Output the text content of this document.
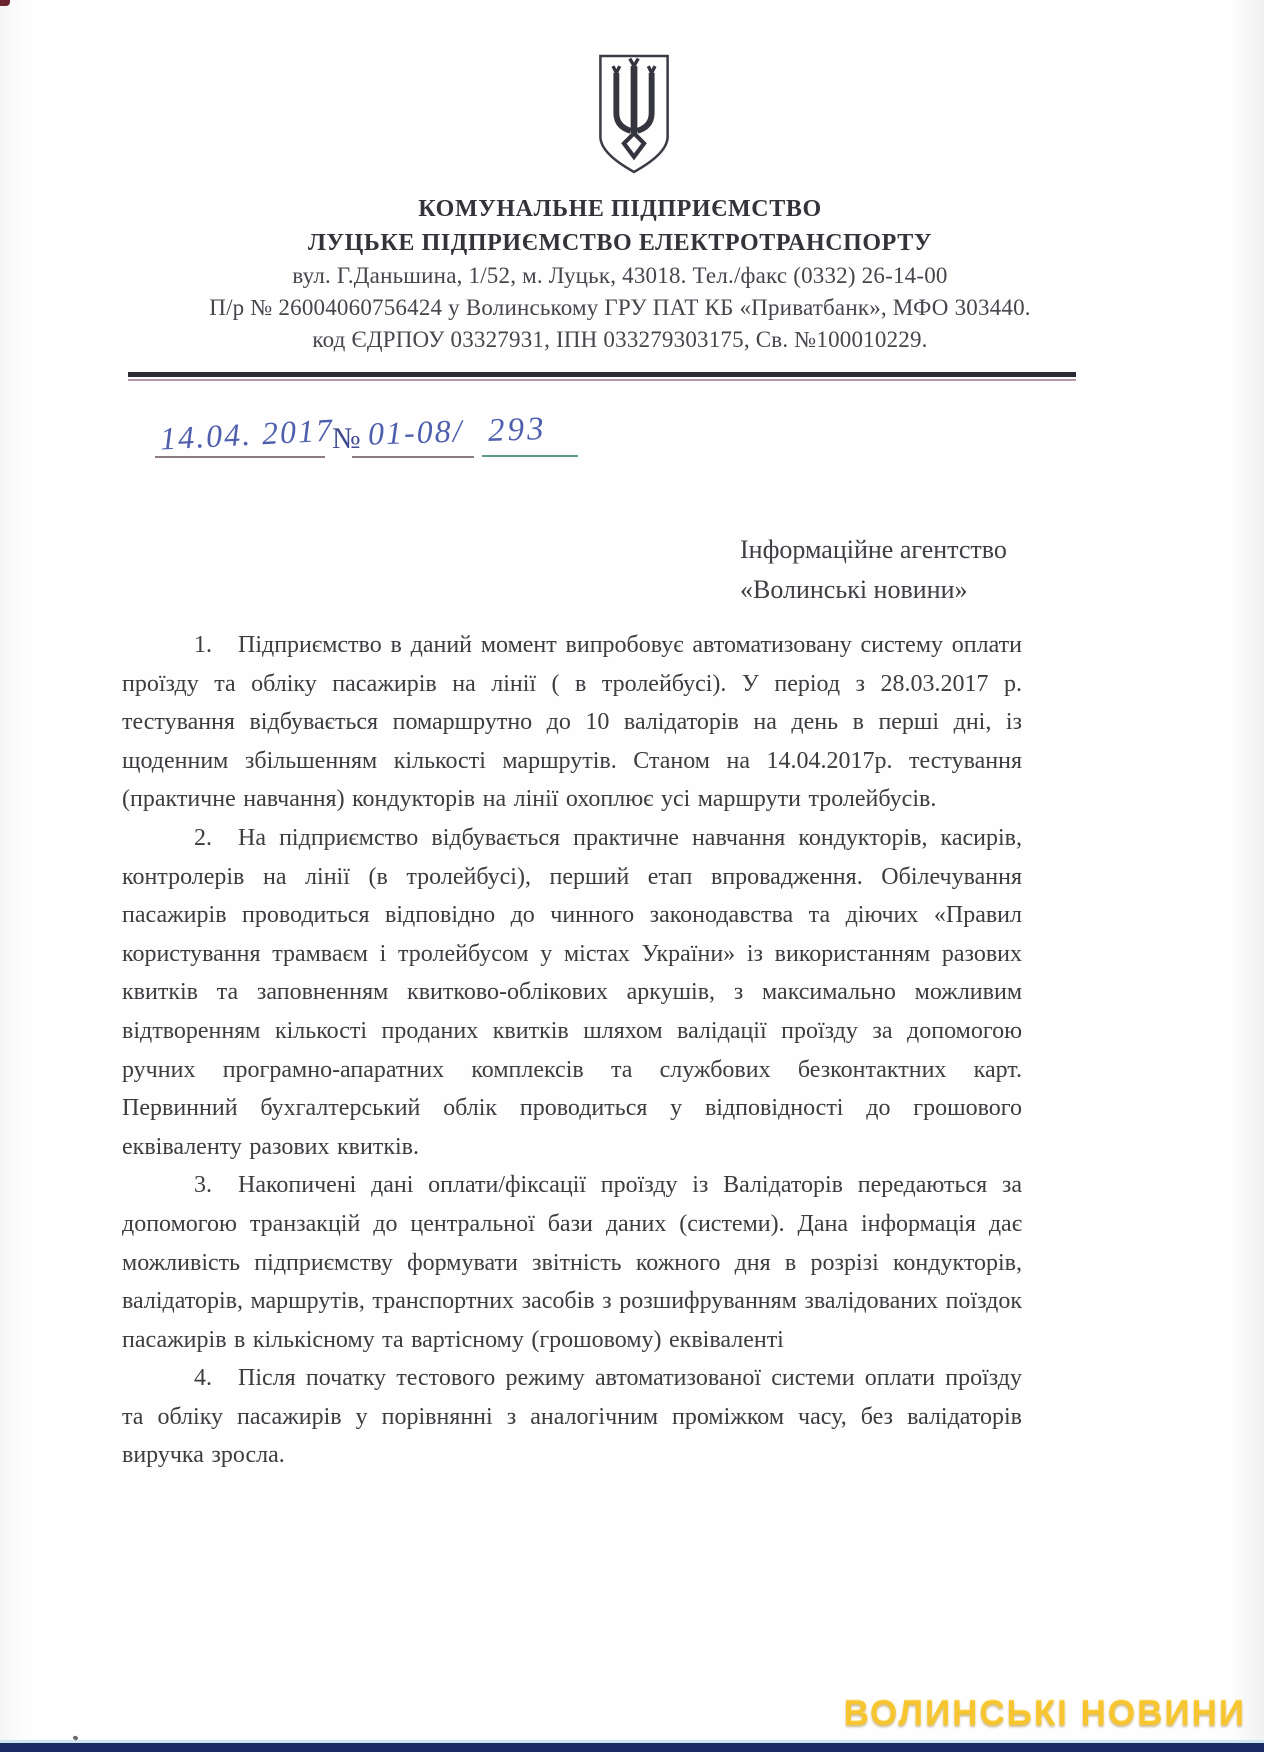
КОМУНАЛЬНЕ ПІДПРИЄМСТВО
ЛУЦЬКЕ ПІДПРИЄМСТВО ЕЛЕКТРОТРАНСПОРТУ
вул. Г.Даньшина, 1/52, м. Луцьк, 43018. Тел./факс (0332) 26-14-00
П/р № 26004060756424 у Волинському ГРУ ПАТ КБ «Приватбанк», МФО 303440.
код ЄДРПОУ 03327931, ІПН 033279303175, Св. №100010229.
14.04. 2017
№ 01-08/ 293
Інформаційне агентство
«Волинські новини»

1. Підприємство в даний момент випробовує автоматизовану систему оплати проїзду та обліку пасажирів на лінії ( в тролейбусі). У період з 28.03.2017 р. тестування відбувається помаршрутно до 10 валідаторів на день в перші дні, із щоденним збільшенням кількості маршрутів. Станом на 14.04.2017р. тестування (практичне навчання) кондукторів на лінії охоплює усі маршрути тролейбусів.

2. На підприємство відбувається практичне навчання кондукторів, касирів, контролерів на лінії (в тролейбусі), перший етап впровадження. Обілечування пасажирів проводиться відповідно до чинного законодавства та діючих «Правил користування трамваєм і тролейбусом у містах України» із використанням разових квитків та заповненням квитково-облікових аркушів, з максимально можливим відтворенням кількості проданих квитків шляхом валідації проїзду за допомогою ручних програмно-апаратних комплексів та службових безконтактних карт. Первинний бухгалтерський облік проводиться у відповідності до грошового еквіваленту разових квитків.

3. Накопичені дані оплати/фіксації проїзду із Валідаторів передаються за допомогою транзакцій до центральної бази даних (системи). Дана інформація дає можливість підприємству формувати звітність кожного дня в розрізі кондукторів, валідаторів, маршрутів, транспортних засобів з розшифруванням звалідованих поїздок пасажирів в кількісному та вартісному (грошовому) еквіваленті

4. Після початку тестового режиму автоматизованої системи оплати проїзду та обліку пасажирів у порівнянні з аналогічним проміжком часу, без валідаторів виручка зросла.

ВОЛИНСЬКІ НОВИНИ
